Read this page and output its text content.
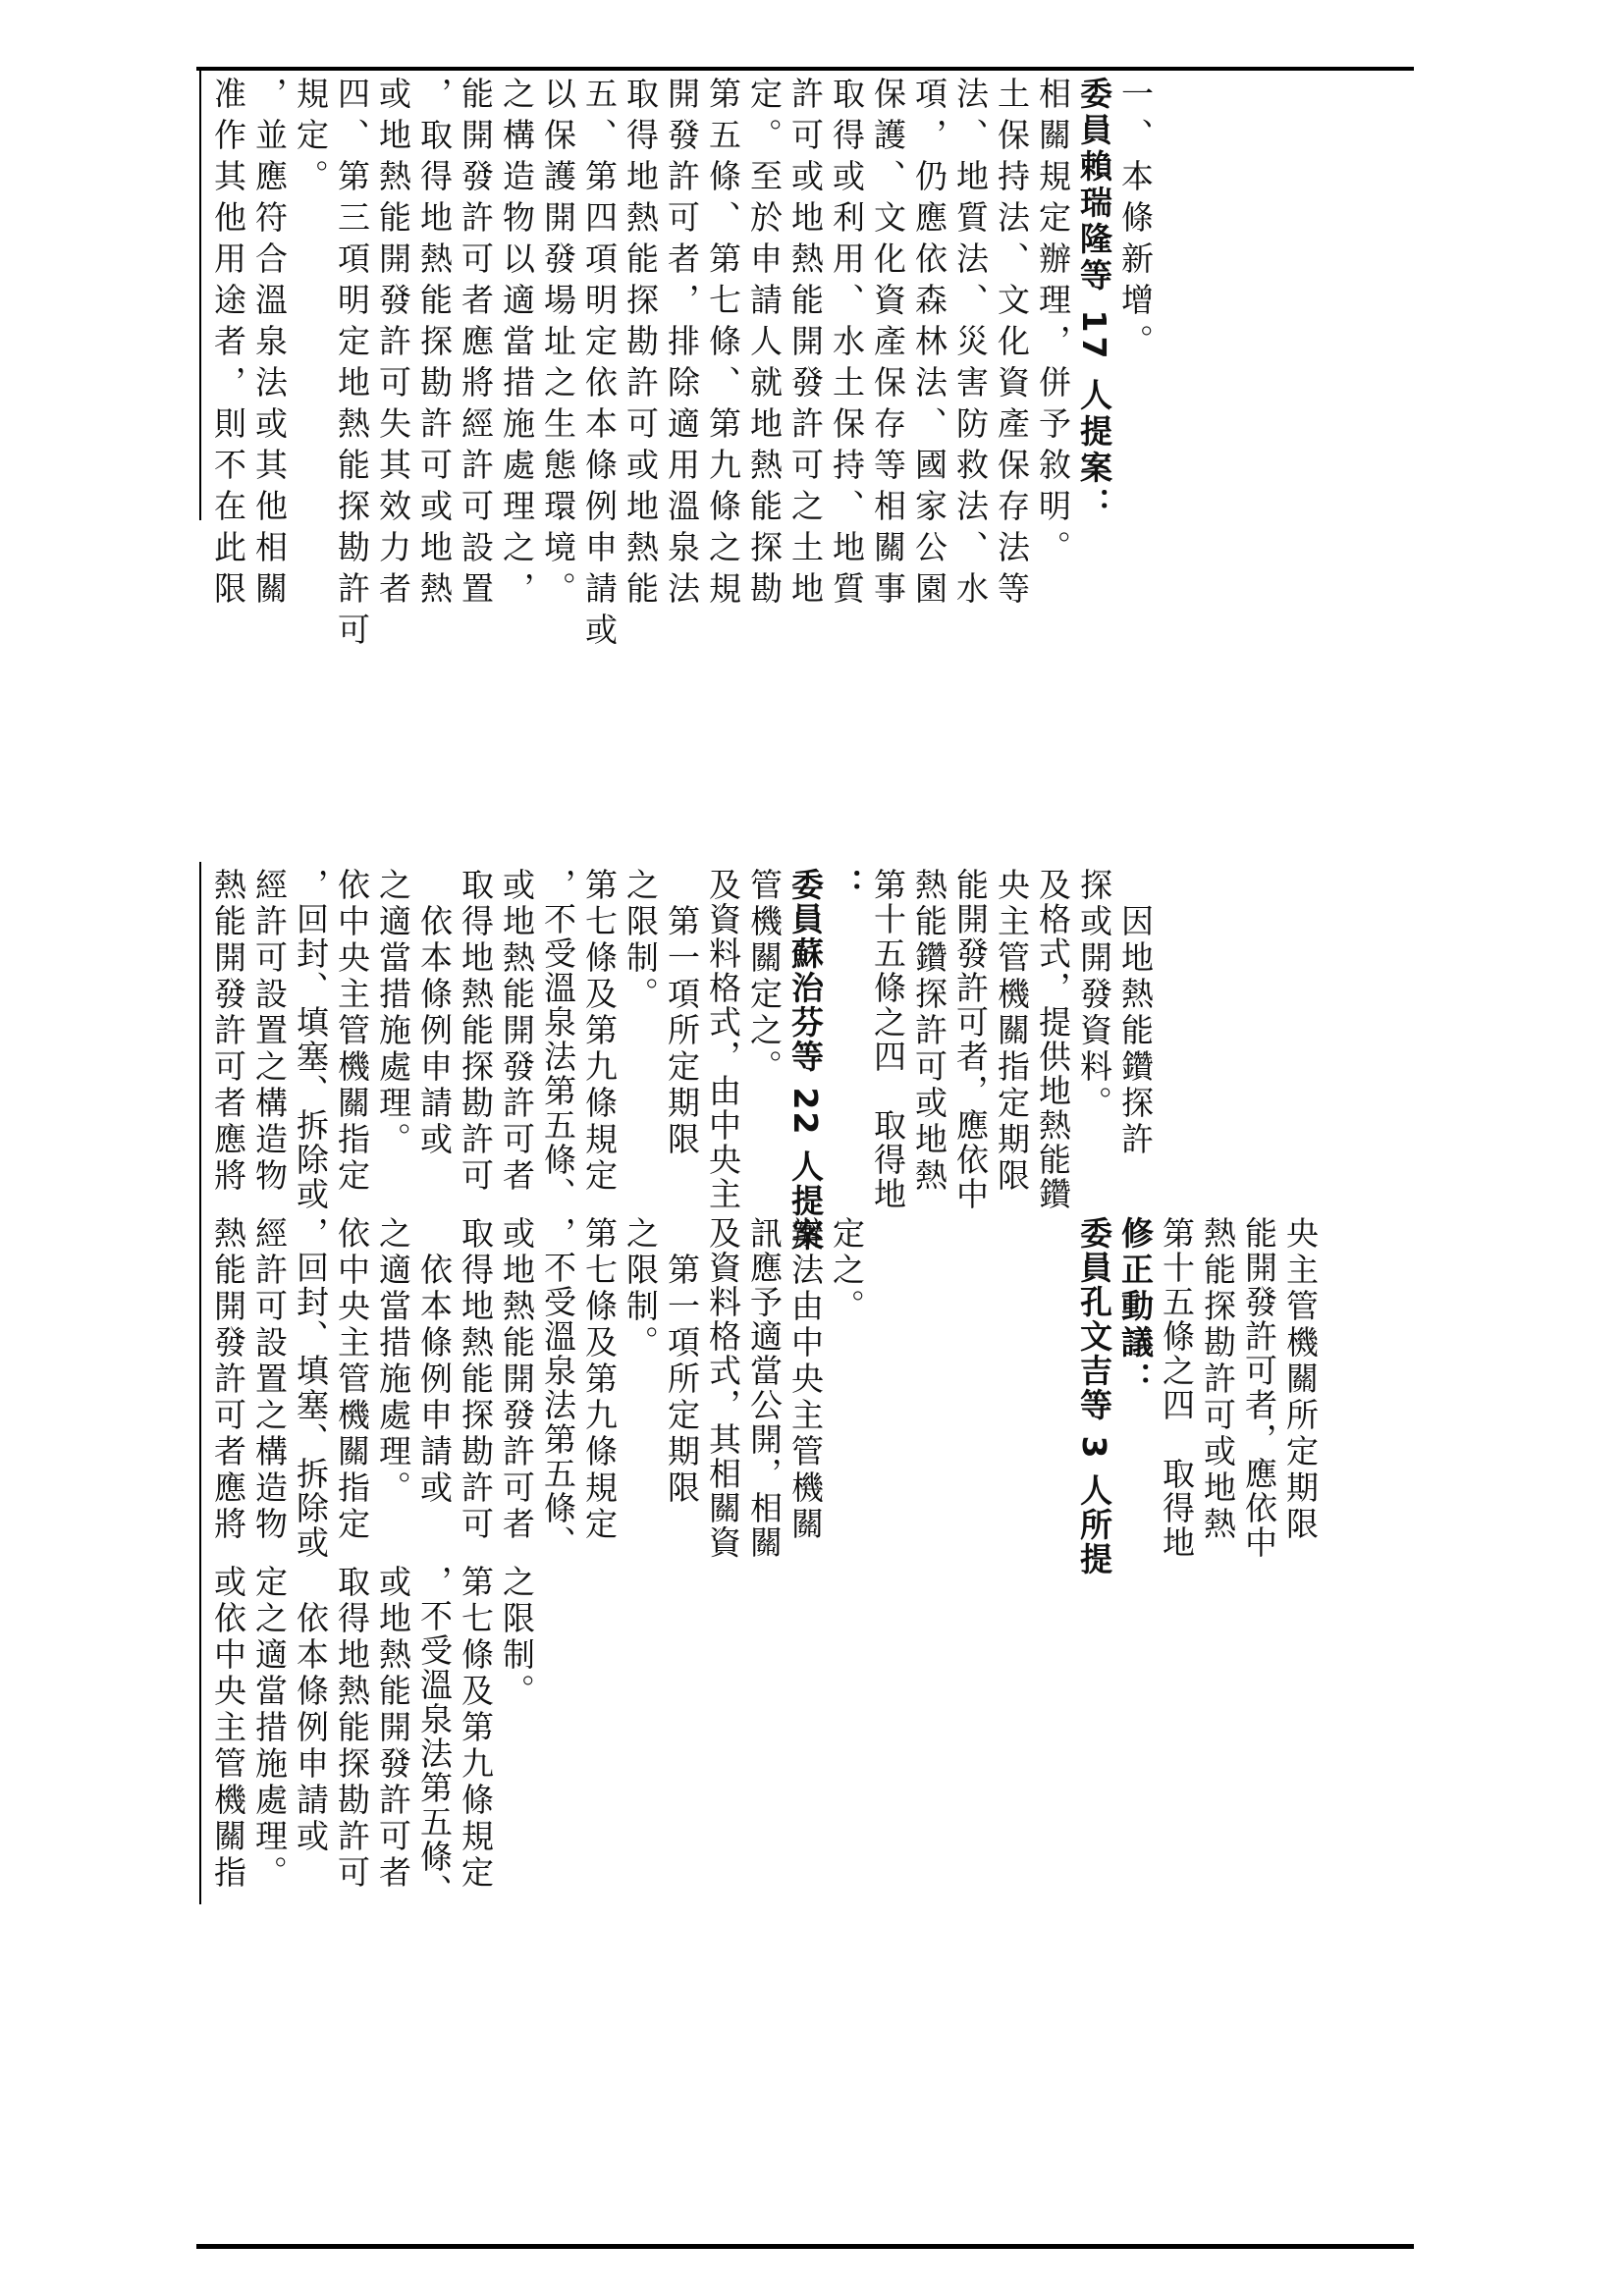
准作其他用途者，則不在此限 ，並應符合溫泉法或其他相關 規定。 四、第三項明定地熱能探勘許可 或地熱能開發許可失其效力者 ，取得地熱能探勘許可或地熱 能開發許可者應將經許可設置 之構造物以適當措施處理之， 以保護開發場址之生態環境。 五、第四項明定依本條例申請或 取得地熱能探勘許可或地熱能 開發許可者，排除適用溫泉法 第五條、第七條、第九條之規 定。至於申請人就地熱能探勘 許可或地熱能開發許可之土地 取得或利用、水土保持、地質 保護、文化資產保存等相關事 項，仍應依森林法、國家公園 法、地質法、災害防救法、水 土保持法、文化資產保存法等 相關規定辦理，併予敘明。 委員賴瑞隆等 17 人提案： 一、本條新增。
熱能開發許可者應將 經許可設置之構造物 ，回封、填塞、拆除或 依中央主管機關指定 之適當措施處理。 　依本條例申請或 取得地熱能探勘許可 或地熱能開發許可者 ，不受溫泉法第五條、 第七條及第九條規定 之限制。 　第一項所定期限 及資料格式，由中央主 管機關定之。 委員蘇治芬等 22 人提案 ： 第十五條之四　取得地 熱能鑽探許可或地熱 能開發許可者，應依中 央主管機關指定期限 及格式，提供地熱能鑽 探或開發資料。 　因地熱能鑽探許
熱能開發許可者應將 經許可設置之構造物 ，回封、填塞、拆除或 依中央主管機關指定 之適當措施處理。 　依本條例申請或 取得地熱能探勘許可 或地熱能開發許可者 ，不受溫泉法第五條、 第七條及第九條規定 之限制。 　第一項所定期限 及資料格式，其相關資 訊應予適當公開，相關 辦法由中央主管機關 定之。	委員孔文吉等 3 人所提 修正動議： 第十五條之四　取得地 熱能探勘許可或地熱 能開發許可者，應依中 央主管機關所定期限
或依中央主管機關指 定之適當措施處理。 　依本條例申請或 取得地熱能探勘許可 或地熱能開發許可者 ，不受溫泉法第五條、 第七條及第九條規定 之限制。
